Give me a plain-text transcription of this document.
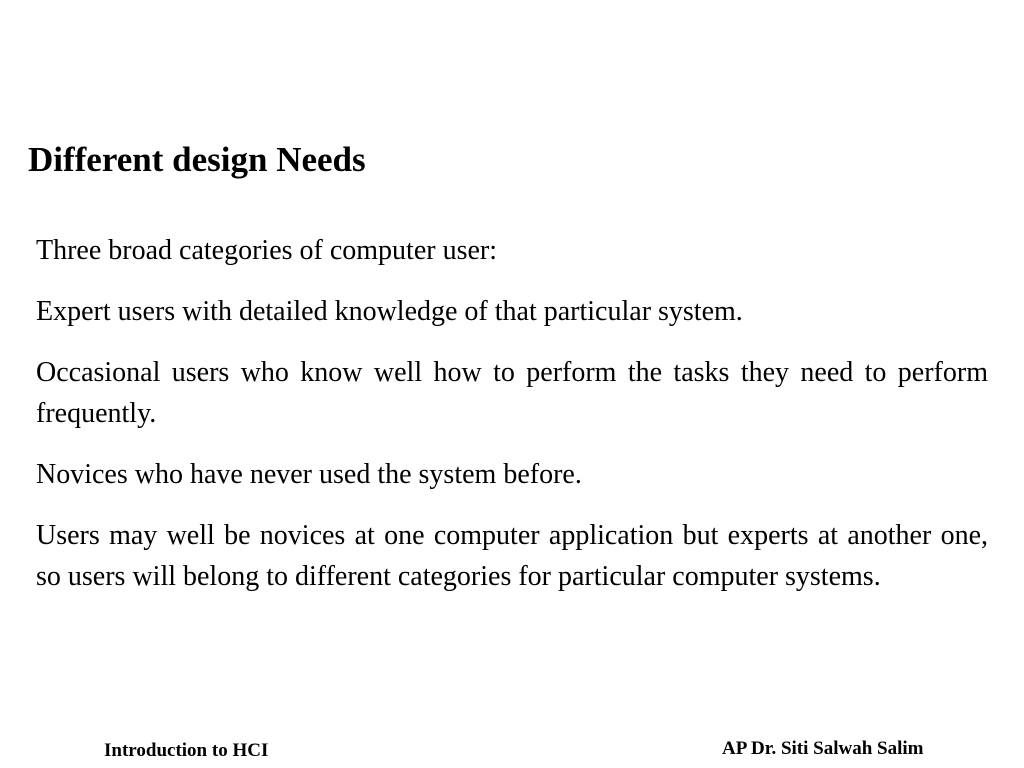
Different design Needs

Three broad categories of computer user:

Expert users with detailed knowledge of that particular system.

Occasional users who know well how to perform the tasks they need to perform frequently.

Novices who have never used the system before.

Users may well be novices at one computer application but experts at another one, so users will belong to different categories for particular computer systems.

Introduction to HCI	AP Dr. Siti Salwah Salim
